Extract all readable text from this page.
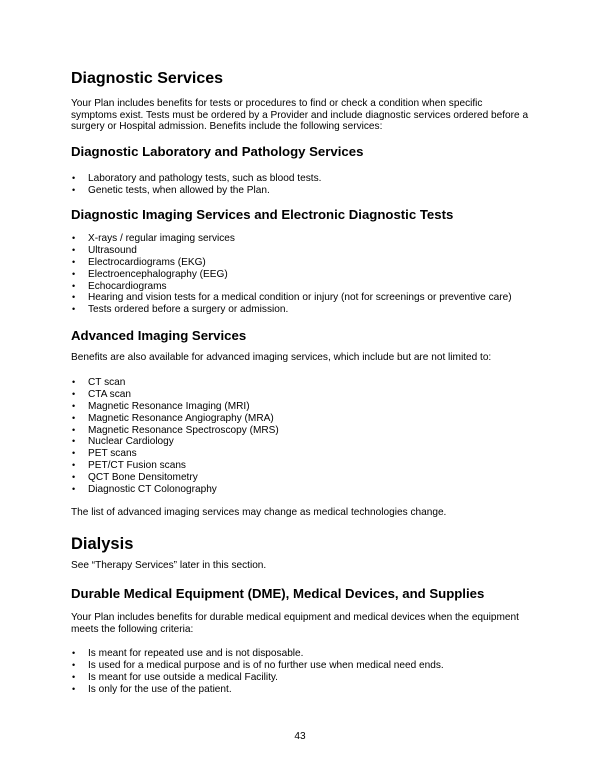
Diagnostic Services

Your Plan includes benefits for tests or procedures to find or check a condition when specific symptoms exist. Tests must be ordered by a Provider and include diagnostic services ordered before a surgery or Hospital admission. Benefits include the following services:

Diagnostic Laboratory and Pathology Services
• Laboratory and pathology tests, such as blood tests.
• Genetic tests, when allowed by the Plan.
Diagnostic Imaging Services and Electronic Diagnostic Tests
• X-rays / regular imaging services
• Ultrasound
• Electrocardiograms (EKG)
• Electroencephalography (EEG)
• Echocardiograms
• Hearing and vision tests for a medical condition or injury (not for screenings or preventive care)
• Tests ordered before a surgery or admission.
Advanced Imaging Services

Benefits are also available for advanced imaging services, which include but are not limited to:

• CT scan
• CTA scan
• Magnetic Resonance Imaging (MRI)
• Magnetic Resonance Angiography (MRA)
• Magnetic Resonance Spectroscopy (MRS)
• Nuclear Cardiology
• PET scans
• PET/CT Fusion scans
• QCT Bone Densitometry
• Diagnostic CT Colonography

The list of advanced imaging services may change as medical technologies change.

Dialysis

See “Therapy Services” later in this section.

Durable Medical Equipment (DME), Medical Devices, and Supplies

Your Plan includes benefits for durable medical equipment and medical devices when the equipment meets the following criteria:

• Is meant for repeated use and is not disposable.
• Is used for a medical purpose and is of no further use when medical need ends.
• Is meant for use outside a medical Facility.
• Is only for the use of the patient.
43
